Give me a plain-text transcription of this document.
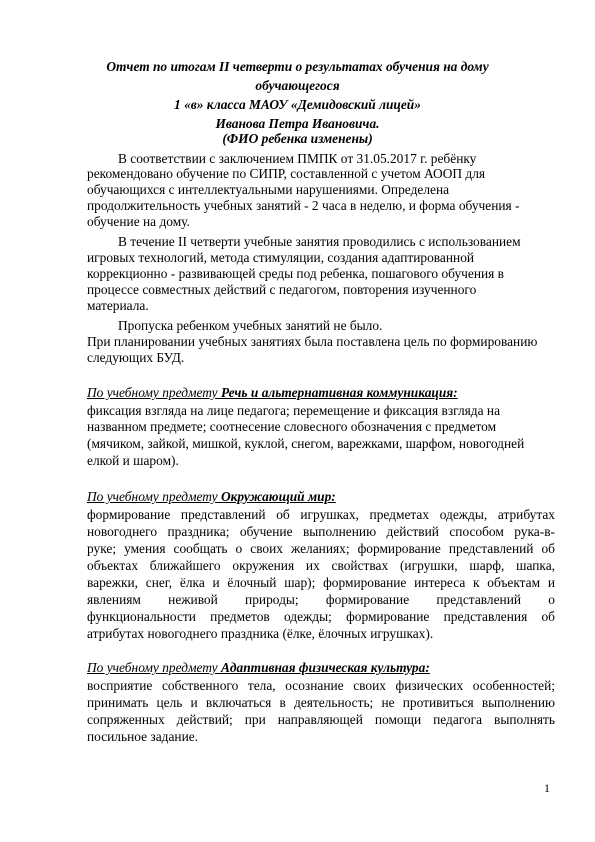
Отчет по итогам II четверти о результатах обучения на дому
обучающегося
1 «в» класса МАОУ «Демидовский лицей»
Иванова Петра Ивановича.
(ФИО ребенка изменены)
В соответствии с заключением ПМПК от 31.05.2017 г. ребёнку
рекомендовано обучение по СИПР, составленной с учетом АООП для
обучающихся с интеллектуальными нарушениями. Определена
продолжительность учебных занятий - 2 часа в неделю, и форма обучения -
обучение на дому.
В течение II четверти учебные занятия проводились с использованием
игровых технологий, метода стимуляции, создания адаптированной
коррекционно - развивающей среды под ребенка, пошагового обучения в
процессе совместных действий с педагогом, повторения изученного
материала.
Пропуска ребенком учебных занятий не было.
При планировании учебных занятиях была поставлена цель по формированию
следующих БУД.
По учебному предмету Речь и альтернативная коммуникация:
фиксация взгляда на лице педагога; перемещение и фиксация взгляда на
названном предмете; соотнесение словесного обозначения с предметом
(мячиком, зайкой, мишкой, куклой, снегом, варежками, шарфом, новогодней
елкой и шаром).
По учебному предмету Окружающий мир:
формирование представлений об игрушках, предметах одежды, атрибутах
новогоднего праздника; обучение выполнению действий способом рука-в-
руке; умения сообщать о своих желаниях; формирование представлений об
объектах ближайшего окружения их свойствах (игрушки, шарф, шапка,
варежки, снег, ёлка и ёлочный шар); формирование интереса к объектам и
явлениям неживой природы; формирование представлений о
функциональности предметов одежды; формирование представления об
атрибутах новогоднего праздника (ёлке, ёлочных игрушках).
По учебному предмету Адаптивная физическая культура:
восприятие собственного тела, осознание своих физических особенностей;
принимать цель и включаться в деятельность; не противиться выполнению
сопряженных действий; при направляющей помощи педагога выполнять
посильное задание.
1
